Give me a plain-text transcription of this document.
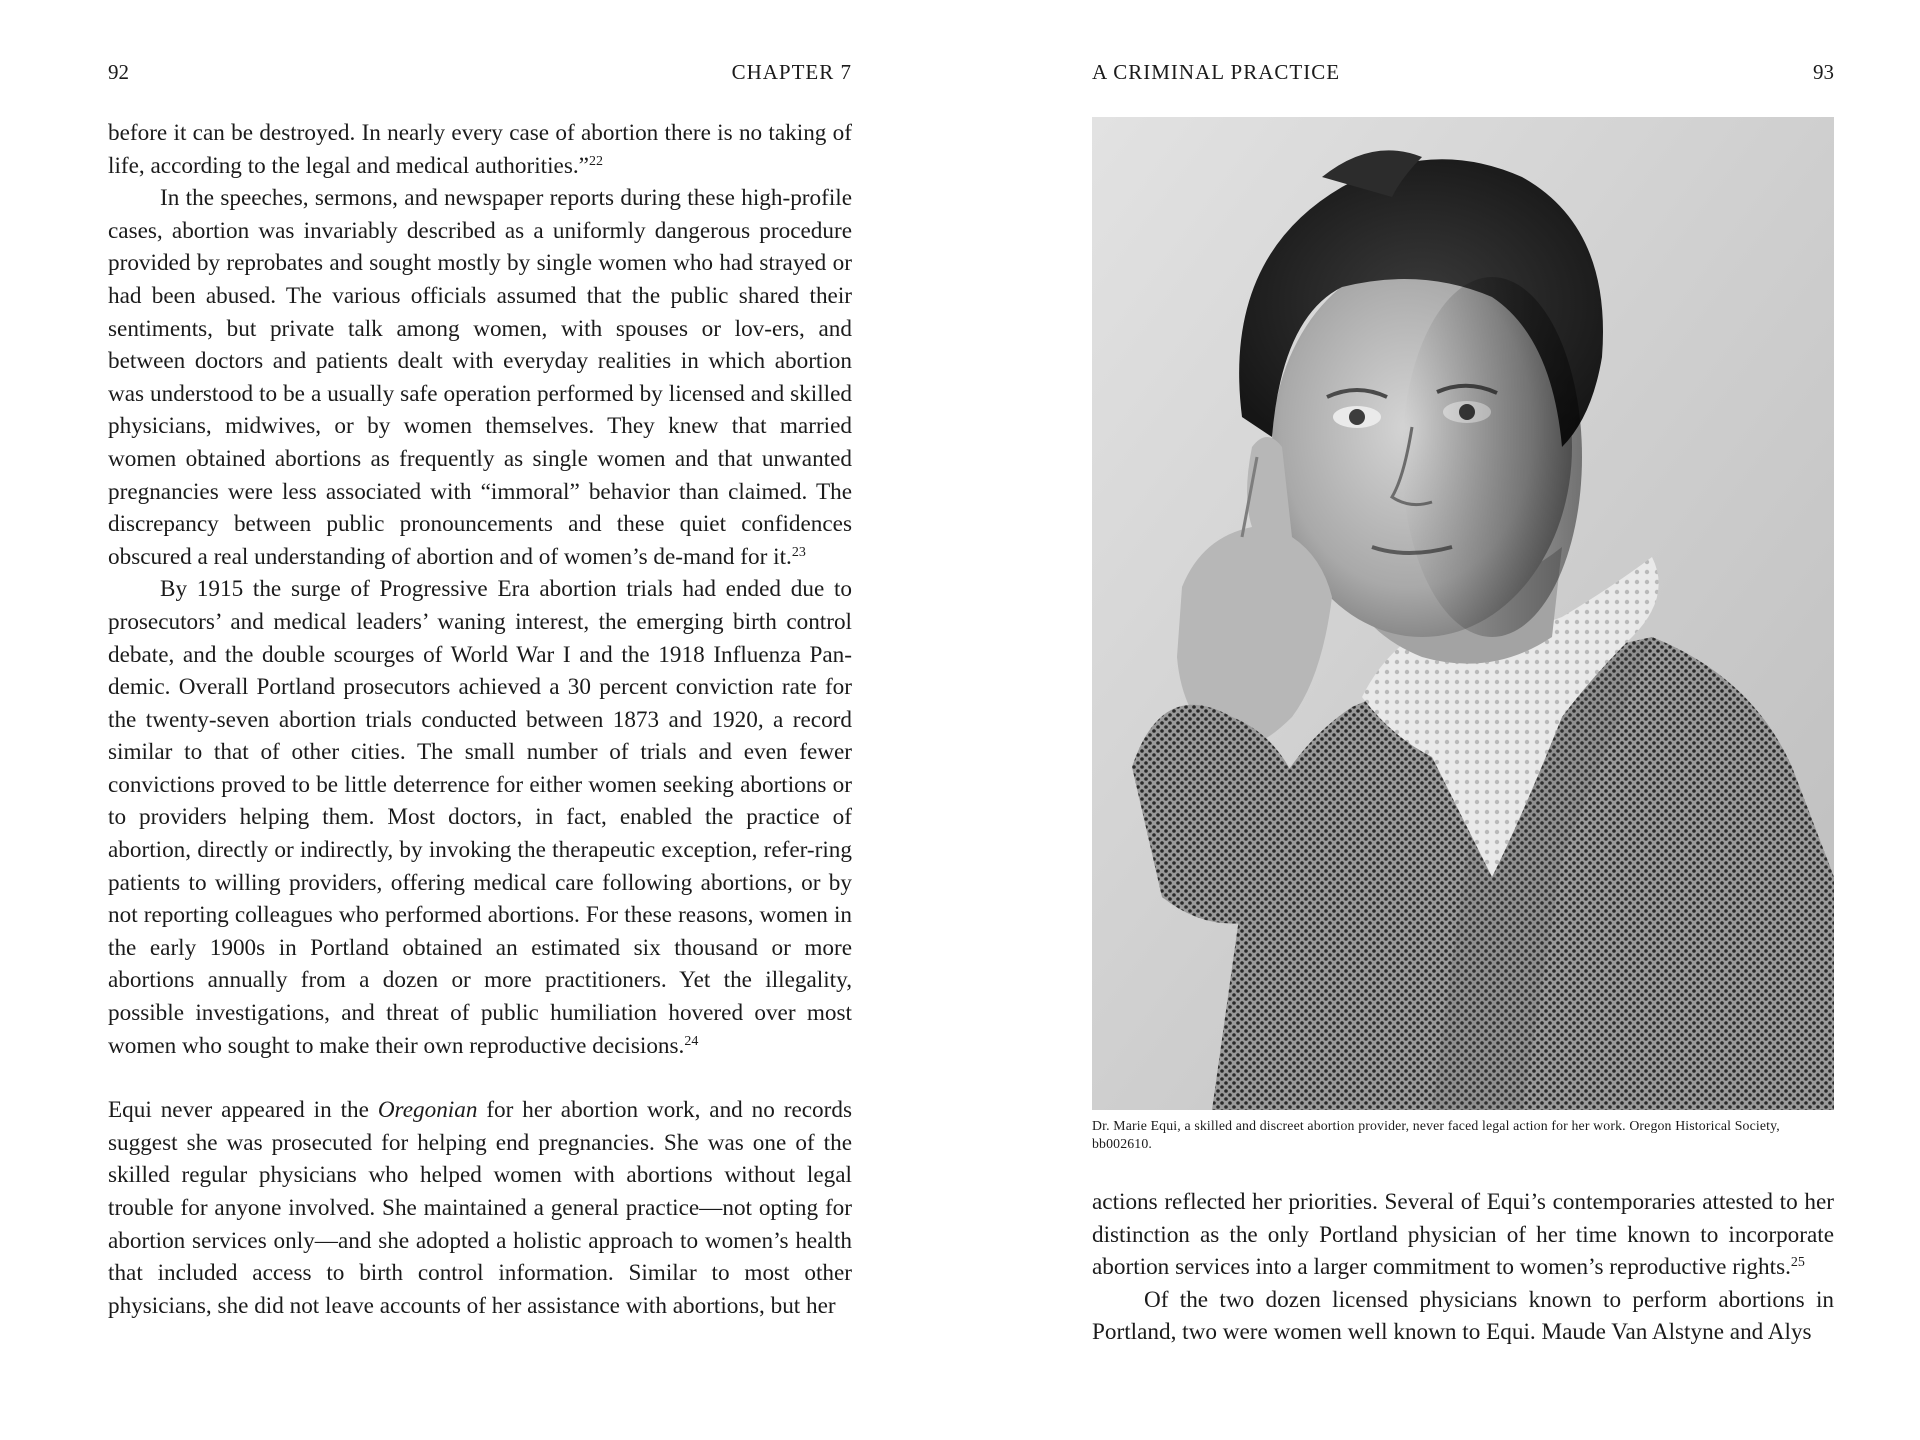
92	CHAPTER 7

before it can be destroyed. In nearly every case of abortion there is no taking of life, according to the legal and medical authorities.”$^{22}$

In the speeches, sermons, and newspaper reports during these high-profile cases, abortion was invariably described as a uniformly dangerous procedure provided by reprobates and sought mostly by single women who had strayed or had been abused. The various officials assumed that the public shared their sentiments, but private talk among women, with spouses or lov-ers, and between doctors and patients dealt with everyday realities in which abortion was understood to be a usually safe operation performed by licensed and skilled physicians, midwives, or by women themselves. They knew that married women obtained abortions as frequently as single women and that unwanted pregnancies were less associated with “immoral” behavior than claimed. The discrepancy between public pronouncements and these quiet confidences obscured a real understanding of abortion and of women’s de-mand for it.$^{23}$

By 1915 the surge of Progressive Era abortion trials had ended due to prosecutors’ and medical leaders’ waning interest, the emerging birth control debate, and the double scourges of World War I and the 1918 Influenza Pan-demic. Overall Portland prosecutors achieved a 30 percent conviction rate for the twenty-seven abortion trials conducted between 1873 and 1920, a record similar to that of other cities. The small number of trials and even fewer convictions proved to be little deterrence for either women seeking abortions or to providers helping them. Most doctors, in fact, enabled the practice of abortion, directly or indirectly, by invoking the therapeutic exception, refer-ring patients to willing providers, offering medical care following abortions, or by not reporting colleagues who performed abortions. For these reasons, women in the early 1900s in Portland obtained an estimated six thousand or more abortions annually from a dozen or more practitioners. Yet the illegality, possible investigations, and threat of public humiliation hovered over most women who sought to make their own reproductive decisions.$^{24}$

Equi never appeared in the Oregonian for her abortion work, and no records suggest she was prosecuted for helping end pregnancies. She was one of the skilled regular physicians who helped women with abortions without legal trouble for anyone involved. She maintained a general practice—not opting for abortion services only—and she adopted a holistic approach to women’s health that included access to birth control information. Similar to most other physicians, she did not leave accounts of her assistance with abortions, but her

A CRIMINAL PRACTICE	93
Dr. Marie Equi, a skilled and discreet abortion provider, never faced legal action for her work. Oregon Historical Society, bb002610.

actions reflected her priorities. Several of Equi’s contemporaries attested to her distinction as the only Portland physician of her time known to incorporate abortion services into a larger commitment to women’s reproductive rights.$^{25}$

Of the two dozen licensed physicians known to perform abortions in Portland, two were women well known to Equi. Maude Van Alstyne and Alys
